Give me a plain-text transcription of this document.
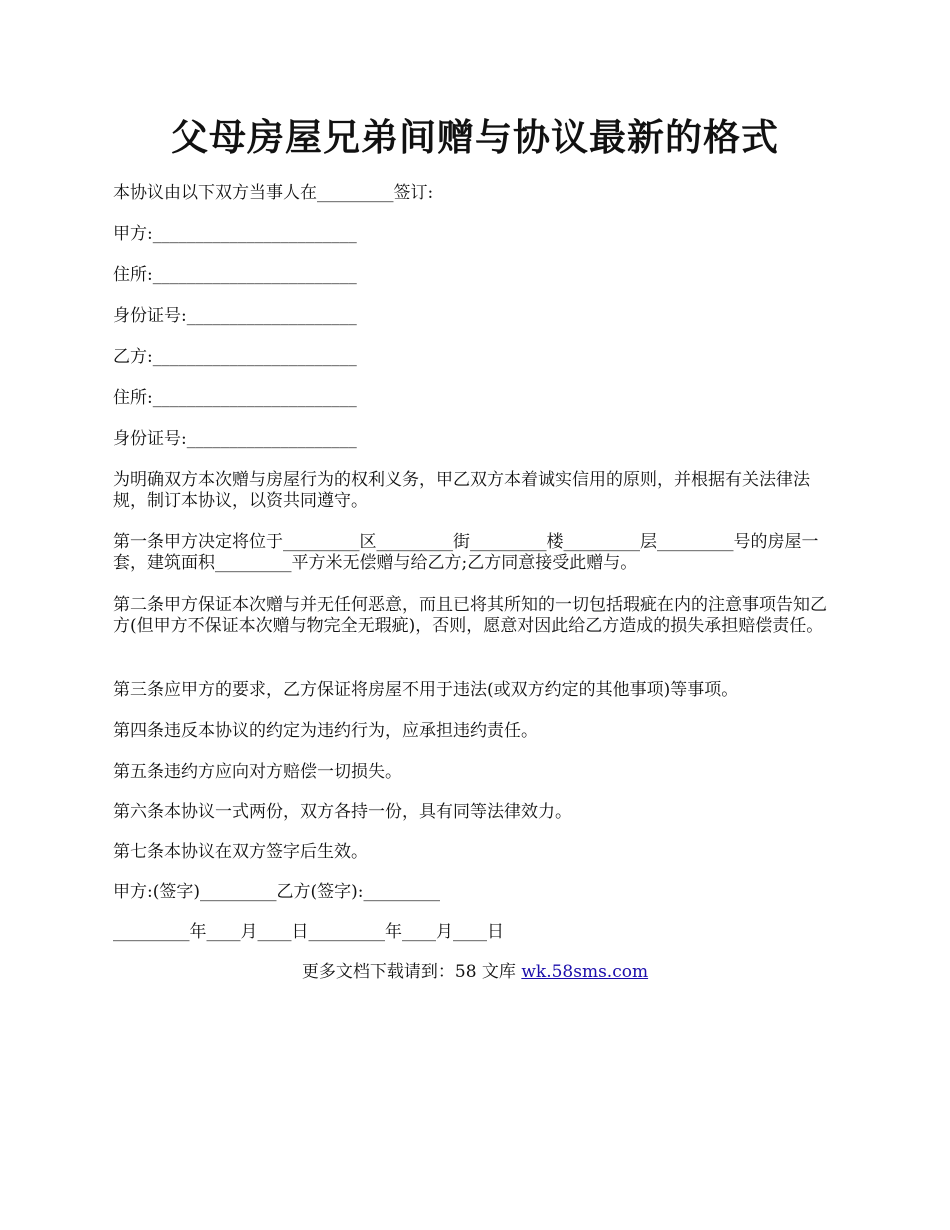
父母房屋兄弟间赠与协议最新的格式
本协议由以下双方当事人在_________签订:
甲方:________________________
住所:________________________
身份证号:____________________
乙方:________________________
住所:________________________
身份证号:____________________

为明确双方本次赠与房屋行为的权利义务，甲乙双方本着诚实信用的原则，并根据有关法律法规，制订本协议，以资共同遵守。

第一条甲方决定将位于_________区_________街_________楼_________层_________号的房屋一套，建筑面积_________平方米无偿赠与给乙方;乙方同意接受此赠与。

第二条甲方保证本次赠与并无任何恶意，而且已将其所知的一切包括瑕疵在内的注意事项告知乙方(但甲方不保证本次赠与物完全无瑕疵)，否则，愿意对因此给乙方造成的损失承担赔偿责任。

第三条应甲方的要求，乙方保证将房屋不用于违法(或双方约定的其他事项)等事项。

第四条违反本协议的约定为违约行为，应承担违约责任。

第五条违约方应向对方赔偿一切损失。

第六条本协议一式两份，双方各持一份，具有同等法律效力。

第七条本协议在双方签字后生效。

甲方:(签字)_________乙方(签字):_________
_________年____月____日_________年____月____日
更多文档下载请到：58 文库 wk.58sms.com
